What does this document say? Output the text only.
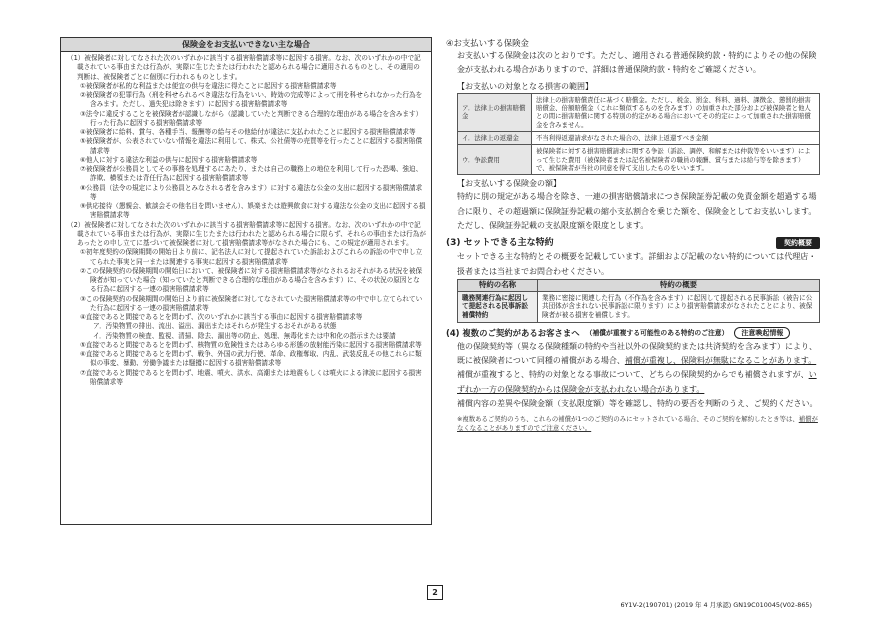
保険金をお支払いできない主な場合
（1）被保険者に対してなされた次のいずれかに該当する損害賠償請求等に起因する損害。なお、次のいずれかの中で記載されている事由または行為が、実際に生じたまたは行われたと認められる場合に適用されるものとし、その適用の判断は、被保険者ごとに個別に行われるものとします。
①被保険者が私的な利益または便宜の供与を違法に得たことに起因する損害賠償請求等
②被保険者の犯罪行為（刑を科せられるべき違法な行為をいい、時効の完成等によって刑を科せられなかった行為を含みます。ただし、過失犯は除きます）に起因する損害賠償請求等
③法令に違反することを被保険者が認識しながら（認識していたと判断できる合理的な理由がある場合を含みます）行った行為に起因する損害賠償請求等
④被保険者に給料、賞与、各種手当、報酬等の給与その他給付が違法に支払われたことに起因する損害賠償請求等
⑤被保険者が、公表されていない情報を違法に利用して、株式、公社債等の売買等を行ったことに起因する損害賠償請求等
⑥他人に対する違法な利益の供与に起因する損害賠償請求等
⑦被保険者が公務員としてその事務を処理するにあたり、または自己の職務上の地位を利用して行った恐喝、強迫、詐欺、横領または背任行為に起因する損害賠償請求等
⑧公務員（法令の規定により公務員とみなされる者を含みます）に対する違法な公金の支出に起因する損害賠償請求等
⑨供応接待（懇親会、歓談会その他名目を問いません）、娯楽または遊興飲食に対する違法な公金の支出に起因する損害賠償請求等
（2）被保険者に対してなされた次のいずれかに該当する損害賠償請求等に起因する損害。なお、次のいずれかの中で記載されている事由または行為が、実際に生じたまたは行われたと認められる場合に限らず、それらの事由または行為があったとの申し立てに基づいて被保険者に対して損害賠償請求等がなされた場合にも、この規定が適用されます。
①初年度契約の保険期間の開始日より前に、記名法人に対して提起されていた訴訟およびこれらの訴訟の中で申し立てられた事実と同一または関連する事実に起因する損害賠償請求等
②この保険契約の保険期間の開始日において、被保険者に対する損害賠償請求等がなされるおそれがある状況を被保険者が知っていた場合（知っていたと判断できる合理的な理由がある場合を含みます）に、その状況の原因となる行為に起因する一連の損害賠償請求等
③この保険契約の保険期間の開始日より前に被保険者に対してなされていた損害賠償請求等の中で申し立てられていた行為に起因する一連の損害賠償請求等
④直接であると間接であるとを問わず、次のいずれかに該当する事由に起因する損害賠償請求等
ア．汚染物質の排出、流出、溢出、漏出またはそれらが発生するおそれがある状態
イ．汚染物質の検査、監視、清掃、除去、漏出等の防止、処理、無毒化または中和化の指示または要請
⑤直接であると間接であるとを問わず、核物質の危険性またはあらゆる形態の放射能汚染に起因する損害賠償請求等
⑥直接であると間接であるとを問わず、戦争、外国の武力行使、革命、政権奪取、内乱、武装反乱その他これらに類似の事変、暴動、労働争議または騒擾に起因する損害賠償請求等
⑦直接であると間接であるとを問わず、地震、噴火、洪水、高潮または地震もしくは噴火による津波に起因する損害賠償請求等
④お支払いする保険金
お支払いする保険金は次のとおりです。ただし、適用される普通保険約款・特約によりその他の保険金が支払われる場合がありますので、詳細は普通保険約款・特約をご確認ください。
【お支払いの対象となる損害の範囲】
ア．法律上の損害賠償金	法律上の損害賠償責任に基づく賠償金。ただし、税金、罰金、科料、過料、課徴金、懲罰的損害賠償金、倍額賠償金（これに類似するものを含みます）の加重された部分および被保険者と他人との間に損害賠償に関する特別の約定がある場合においてその約定によって加重された損害賠償金を含みません。
イ．法律上の返還金	不当利得返還請求がなされた場合の、法律上返還すべき金額
ウ．争訟費用	被保険者に対する損害賠償請求に関する争訟（訴訟、調停、和解または仲裁等をいいます）によって生じた費用（被保険者または記名被保険者の職員の報酬、賞与または給与等を除きます）で、被保険者が当社の同意を得て支出したものをいいます。
【お支払いする保険金の額】
特約に別の規定がある場合を除き、一連の損害賠償請求につき保険証券記載の免責金額を超過する場合に限り、その超過額に保険証券記載の縮小支払割合を乗じた額を、保険金としてお支払いします。ただし、保険証券記載の支払限度額を限度とします。
(3) セットできる主な特約	契約概要
セットできる主な特約とその概要を記載しています。詳細および記載のない特約については代理店・扱者または当社までお問合わせください。
特約の名称	特約の概要
職務関連行為に起因して提起される民事訴訟補償特約	業務に密接に関連した行為（不作為を含みます）に起因して提起される民事訴訟（被告に公共団体が含まれない民事訴訟に限ります）により損害賠償請求がなされたことにより、被保険者が被る損害を補償します。
(4) 複数のご契約があるお客さまへ （補償が重複する可能性のある特約のご注意）	注意喚起情報
他の保険契約等（異なる保険種類の特約や当社以外の保険契約または共済契約を含みます）により、既に被保険者について同種の補償がある場合、補償が重複し、保険料が無駄になることがあります。
補償が重複すると、特約の対象となる事故について、どちらの保険契約からでも補償されますが、いずれか一方の保険契約からは保険金が支払われない場合があります。
補償内容の差異や保険金額（支払限度額）等を確認し、特約の要否を判断のうえ、ご契約ください。
※複数あるご契約のうち、これらの補償が1つのご契約のみにセットされている場合、そのご契約を解約したとき等は、補償がなくなることがありますのでご注意ください。
2
6Y1V-2(190701) (2019 年 4 月承認) GN19C010045(V02-865)
